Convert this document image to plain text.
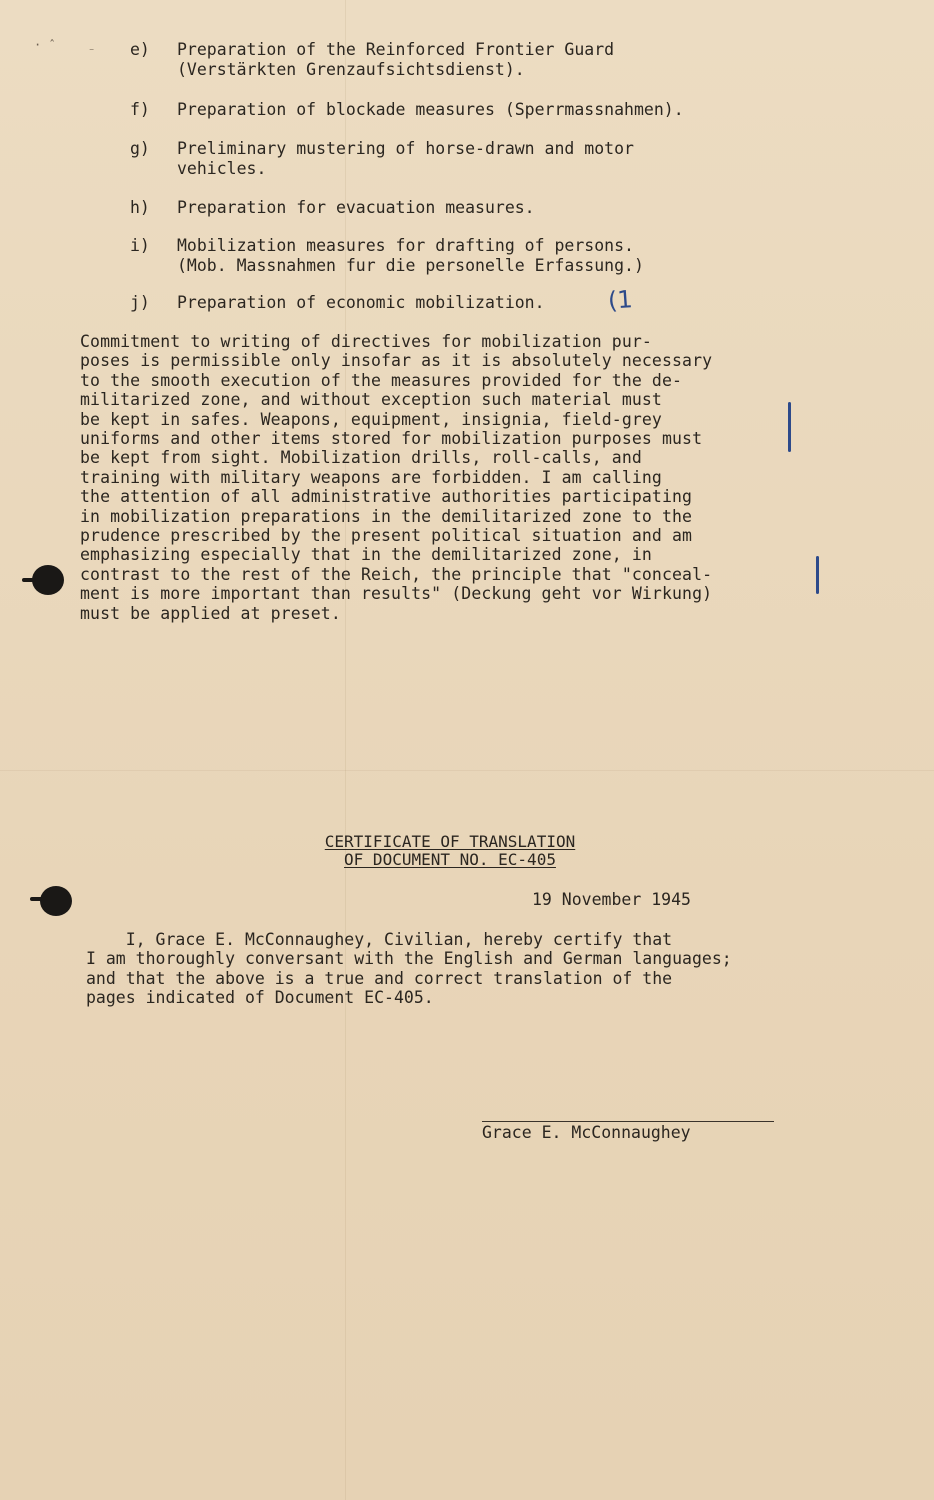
· ˆ	⁻ e) Preparation of the Reinforced Frontier Guard
(Verstärkten Grenzaufsichtsdienst).
f) Preparation of blockade measures (Sperrmassnahmen).
g) Preliminary mustering of horse-drawn and motor
vehicles.
h) Preparation for evacuation measures.
i) Mobilization measures for drafting of persons.
(Mob. Massnahmen fur die personelle Erfassung.)
j) Preparation of economic mobilization.	(1
Commitment to writing of directives for mobilization pur-
poses is permissible only insofar as it is absolutely necessary
to the smooth execution of the measures provided for the de-
militarized zone, and without exception such material must
be kept in safes. Weapons, equipment, insignia, field-grey
uniforms and other items stored for mobilization purposes must
be kept from sight. Mobilization drills, roll-calls, and
training with military weapons are forbidden. I am calling
the attention of all administrative authorities participating
in mobilization preparations in the demilitarized zone to the
prudence prescribed by the present political situation and am
emphasizing especially that in the demilitarized zone, in
contrast to the rest of the Reich, the principle that "conceal-
ment is more important than results" (Deckung geht vor Wirkung)
must be applied at preset.
CERTIFICATE OF TRANSLATION
OF DOCUMENT NO. EC-405
19 November 1945
I, Grace E. McConnaughey, Civilian, hereby certify that
I am thoroughly conversant with the English and German languages;
and that the above is a true and correct translation of the
pages indicated of Document EC-405.
Grace E. McConnaughey
